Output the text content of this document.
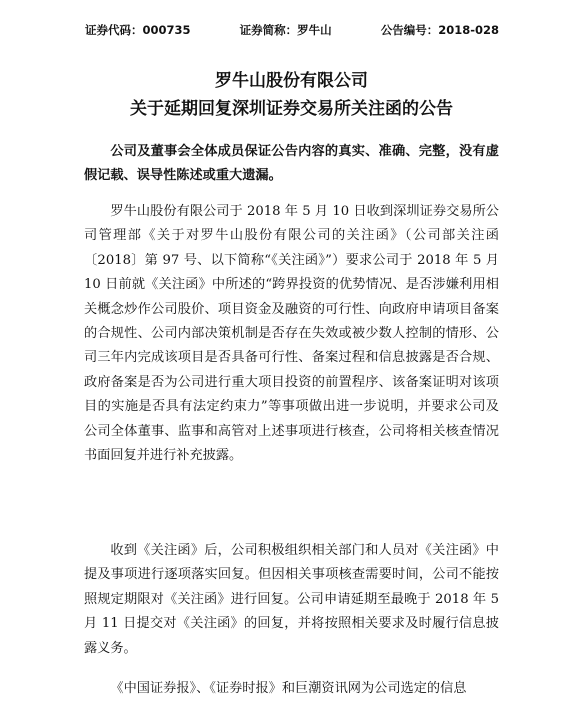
证券代码：000735	证券简称：罗牛山	公告编号：2018-028
罗牛山股份有限公司
关于延期回复深圳证券交易所关注函的公告
公司及董事会全体成员保证公告内容的真实、准确、完整，没有虚假记载、误导性陈述或重大遗漏。

罗牛山股份有限公司于 2018 年 5 月 10 日收到深圳证券交易所公司管理部《关于对罗牛山股份有限公司的关注函》（公司部关注函〔2018〕第 97 号、以下简称“《关注函》”）要求公司于 2018 年 5 月 10 日前就《关注函》中所述的“跨界投资的优势情况、是否涉嫌利用相关概念炒作公司股价、项目资金及融资的可行性、向政府申请项目备案的合规性、公司内部决策机制是否存在失效或被少数人控制的情形、公司三年内完成该项目是否具备可行性、备案过程和信息披露是否合规、政府备案是否为公司进行重大项目投资的前置程序、该备案证明对该项目的实施是否具有法定约束力”等事项做出进一步说明，并要求公司及公司全体董事、监事和高管对上述事项进行核查，公司将相关核查情况书面回复并进行补充披露。

收到《关注函》后，公司积极组织相关部门和人员对《关注函》中提及事项进行逐项落实回复。但因相关事项核查需要时间，公司不能按照规定期限对《关注函》进行回复。公司申请延期至最晚于 2018 年 5 月 11 日提交对《关注函》的回复，并将按照相关要求及时履行信息披露义务。

《中国证券报》、《证券时报》和巨潮资讯网为公司选定的信息
